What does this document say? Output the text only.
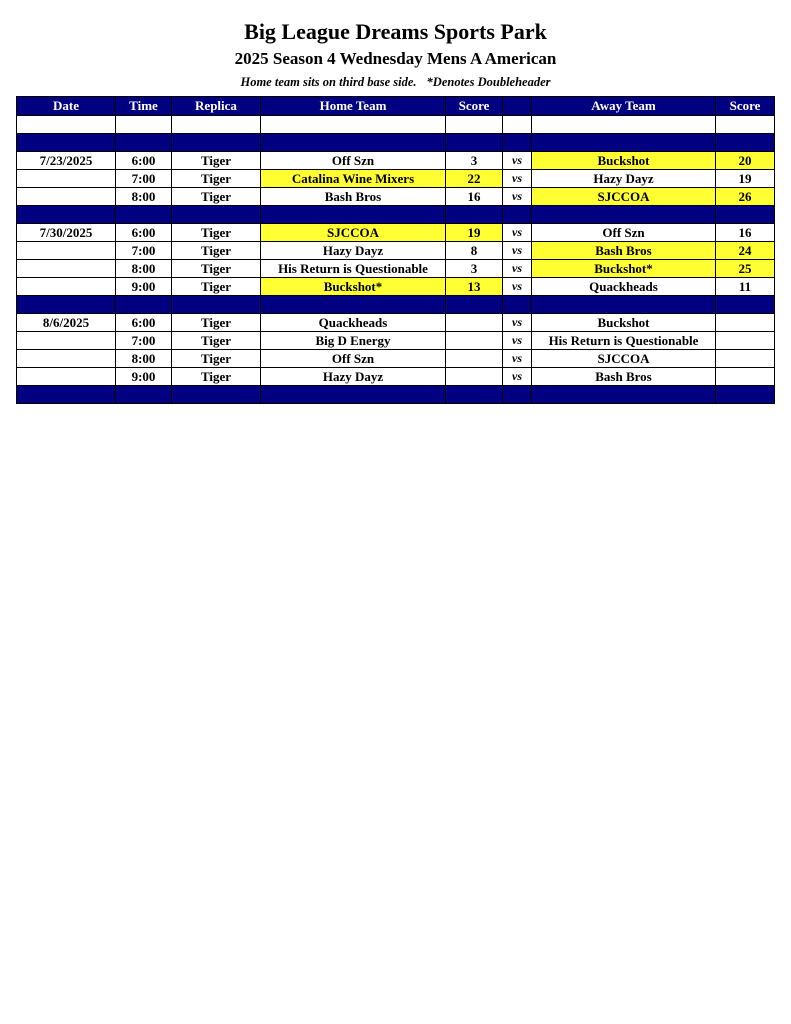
Big League Dreams Sports Park
2025 Season 4 Wednesday Mens A American
Home team sits on third base side. *Denotes Doubleheader
Date	Time	Replica	Home Team	Score		Away Team	Score

7/23/2025	6:00	Tiger	Off Szn	3	vs	Buckshot	20
	7:00	Tiger	Catalina Wine Mixers	22	vs	Hazy Dayz	19
	8:00	Tiger	Bash Bros	16	vs	SJCCOA	26

7/30/2025	6:00	Tiger	SJCCOA	19	vs	Off Szn	16
	7:00	Tiger	Hazy Dayz	8	vs	Bash Bros	24
	8:00	Tiger	His Return is Questionable	3	vs	Buckshot*	25
	9:00	Tiger	Buckshot*	13	vs	Quackheads	11

8/6/2025	6:00	Tiger	Quackheads		vs	Buckshot	
	7:00	Tiger	Big D Energy		vs	His Return is Questionable	
	8:00	Tiger	Off Szn		vs	SJCCOA	
	9:00	Tiger	Hazy Dayz		vs	Bash Bros	
